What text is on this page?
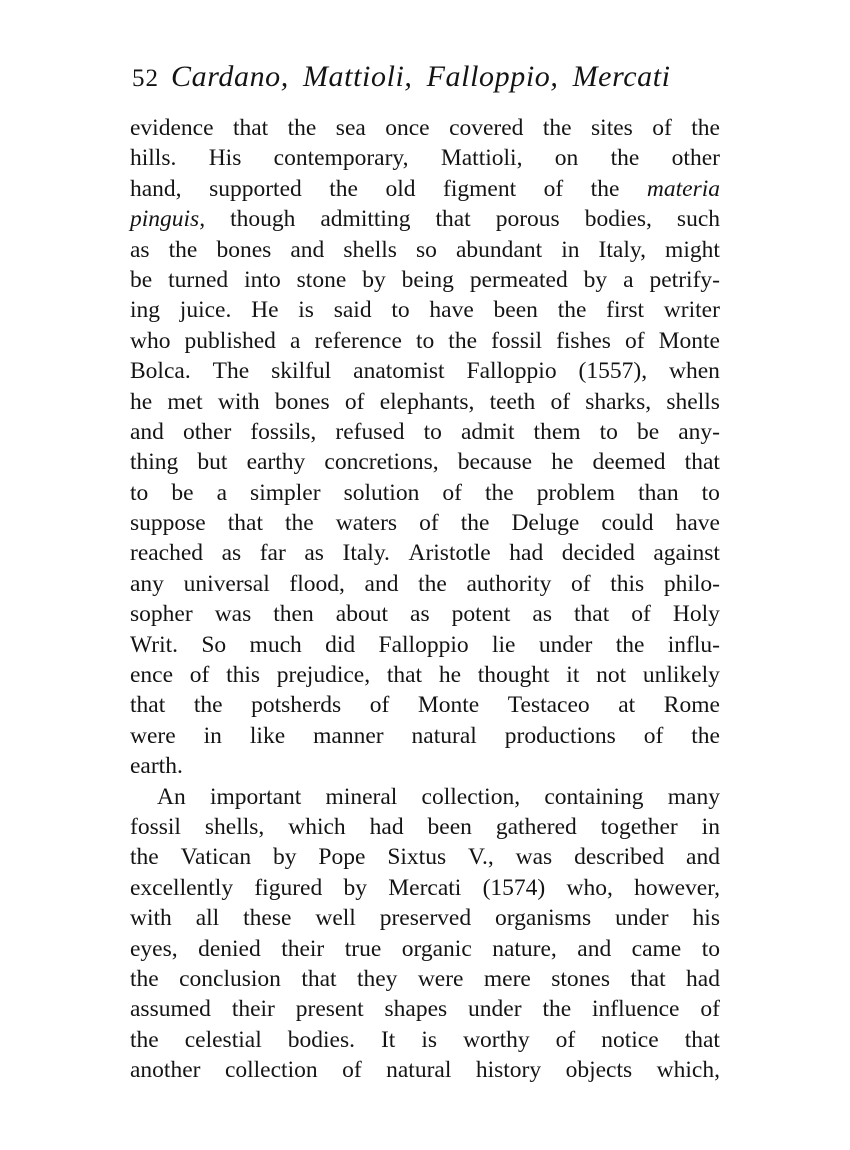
52 Cardano, Mattioli, Falloppio, Mercati
evidence that the sea once covered the sites of the
hills. His contemporary, Mattioli, on the other
hand, supported the old figment of the materia
pinguis, though admitting that porous bodies, such
as the bones and shells so abundant in Italy, might
be turned into stone by being permeated by a petrify-
ing juice. He is said to have been the first writer
who published a reference to the fossil fishes of Monte
Bolca. The skilful anatomist Falloppio (1557), when
he met with bones of elephants, teeth of sharks, shells
and other fossils, refused to admit them to be any-
thing but earthy concretions, because he deemed that
to be a simpler solution of the problem than to
suppose that the waters of the Deluge could have
reached as far as Italy. Aristotle had decided against
any universal flood, and the authority of this philo-
sopher was then about as potent as that of Holy
Writ. So much did Falloppio lie under the influ-
ence of this prejudice, that he thought it not unlikely
that the potsherds of Monte Testaceo at Rome
were in like manner natural productions of the
earth.
An important mineral collection, containing many
fossil shells, which had been gathered together in
the Vatican by Pope Sixtus V., was described and
excellently figured by Mercati (1574) who, however,
with all these well preserved organisms under his
eyes, denied their true organic nature, and came to
the conclusion that they were mere stones that had
assumed their present shapes under the influence of
the celestial bodies. It is worthy of notice that
another collection of natural history objects which,
